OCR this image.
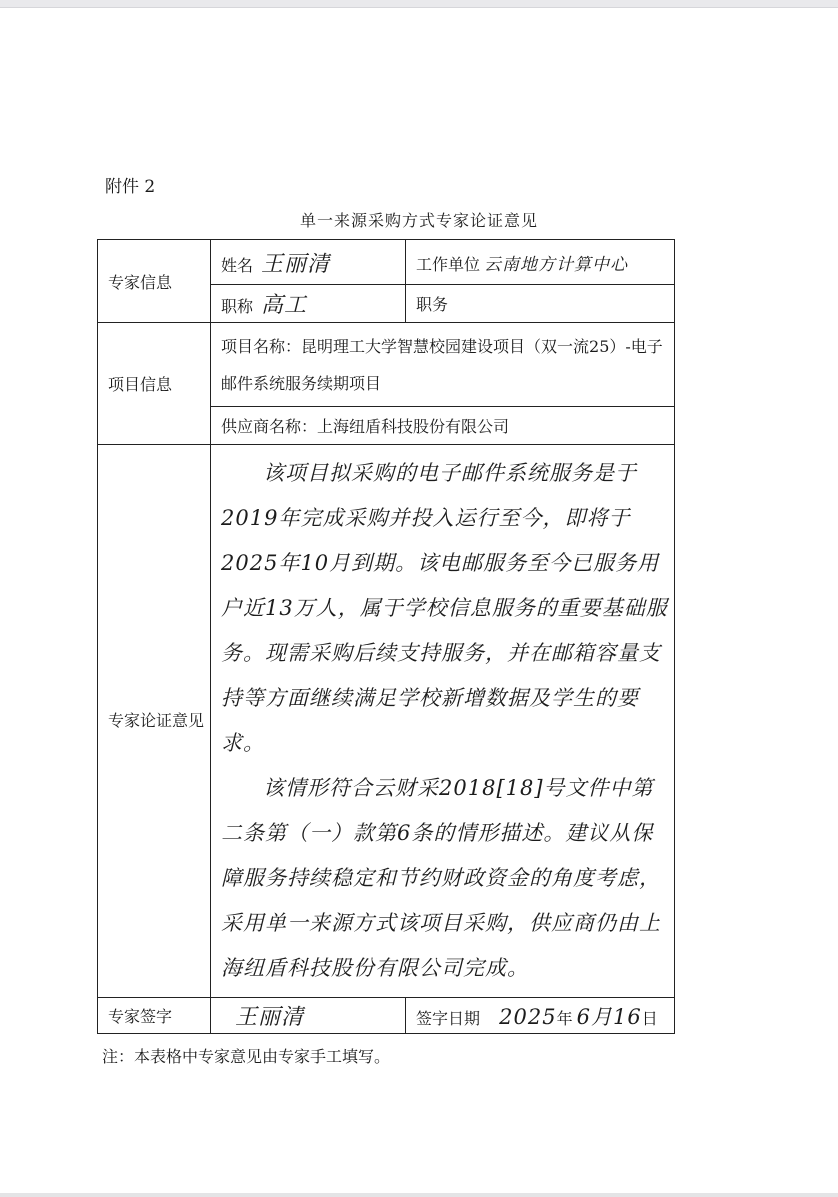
附件 2
单一来源采购方式专家论证意见
专家信息	姓名 王丽清	工作单位 云南地方计算中心
	职称 高工	职务
项目信息	项目名称：昆明理工大学智慧校园建设项目（双一流25）-电子邮件系统服务续期项目	
	供应商名称：上海纽盾科技股份有限公司	
专家论证意见	该项目拟采购的电子邮件系统服务是于2019年完成采购并投入运行至今，即将于2025年10月到期。该电邮服务至今已服务用户近13万人，属于学校信息服务的重要基础服务。现需采购后续支持服务，并在邮箱容量支持等方面继续满足学校新增数据及学生的要求。

该情形符合云财采2018[18]号文件中第二条第（一）款第6条的情形描述。建议从保障服务持续稳定和节约财政资金的角度考虑，采用单一来源方式该项目采购，供应商仍由上海纽盾科技股份有限公司完成。	

专家签字	王丽清	签字日期 2025年 6月16日
注：本表格中专家意见由专家手工填写。
